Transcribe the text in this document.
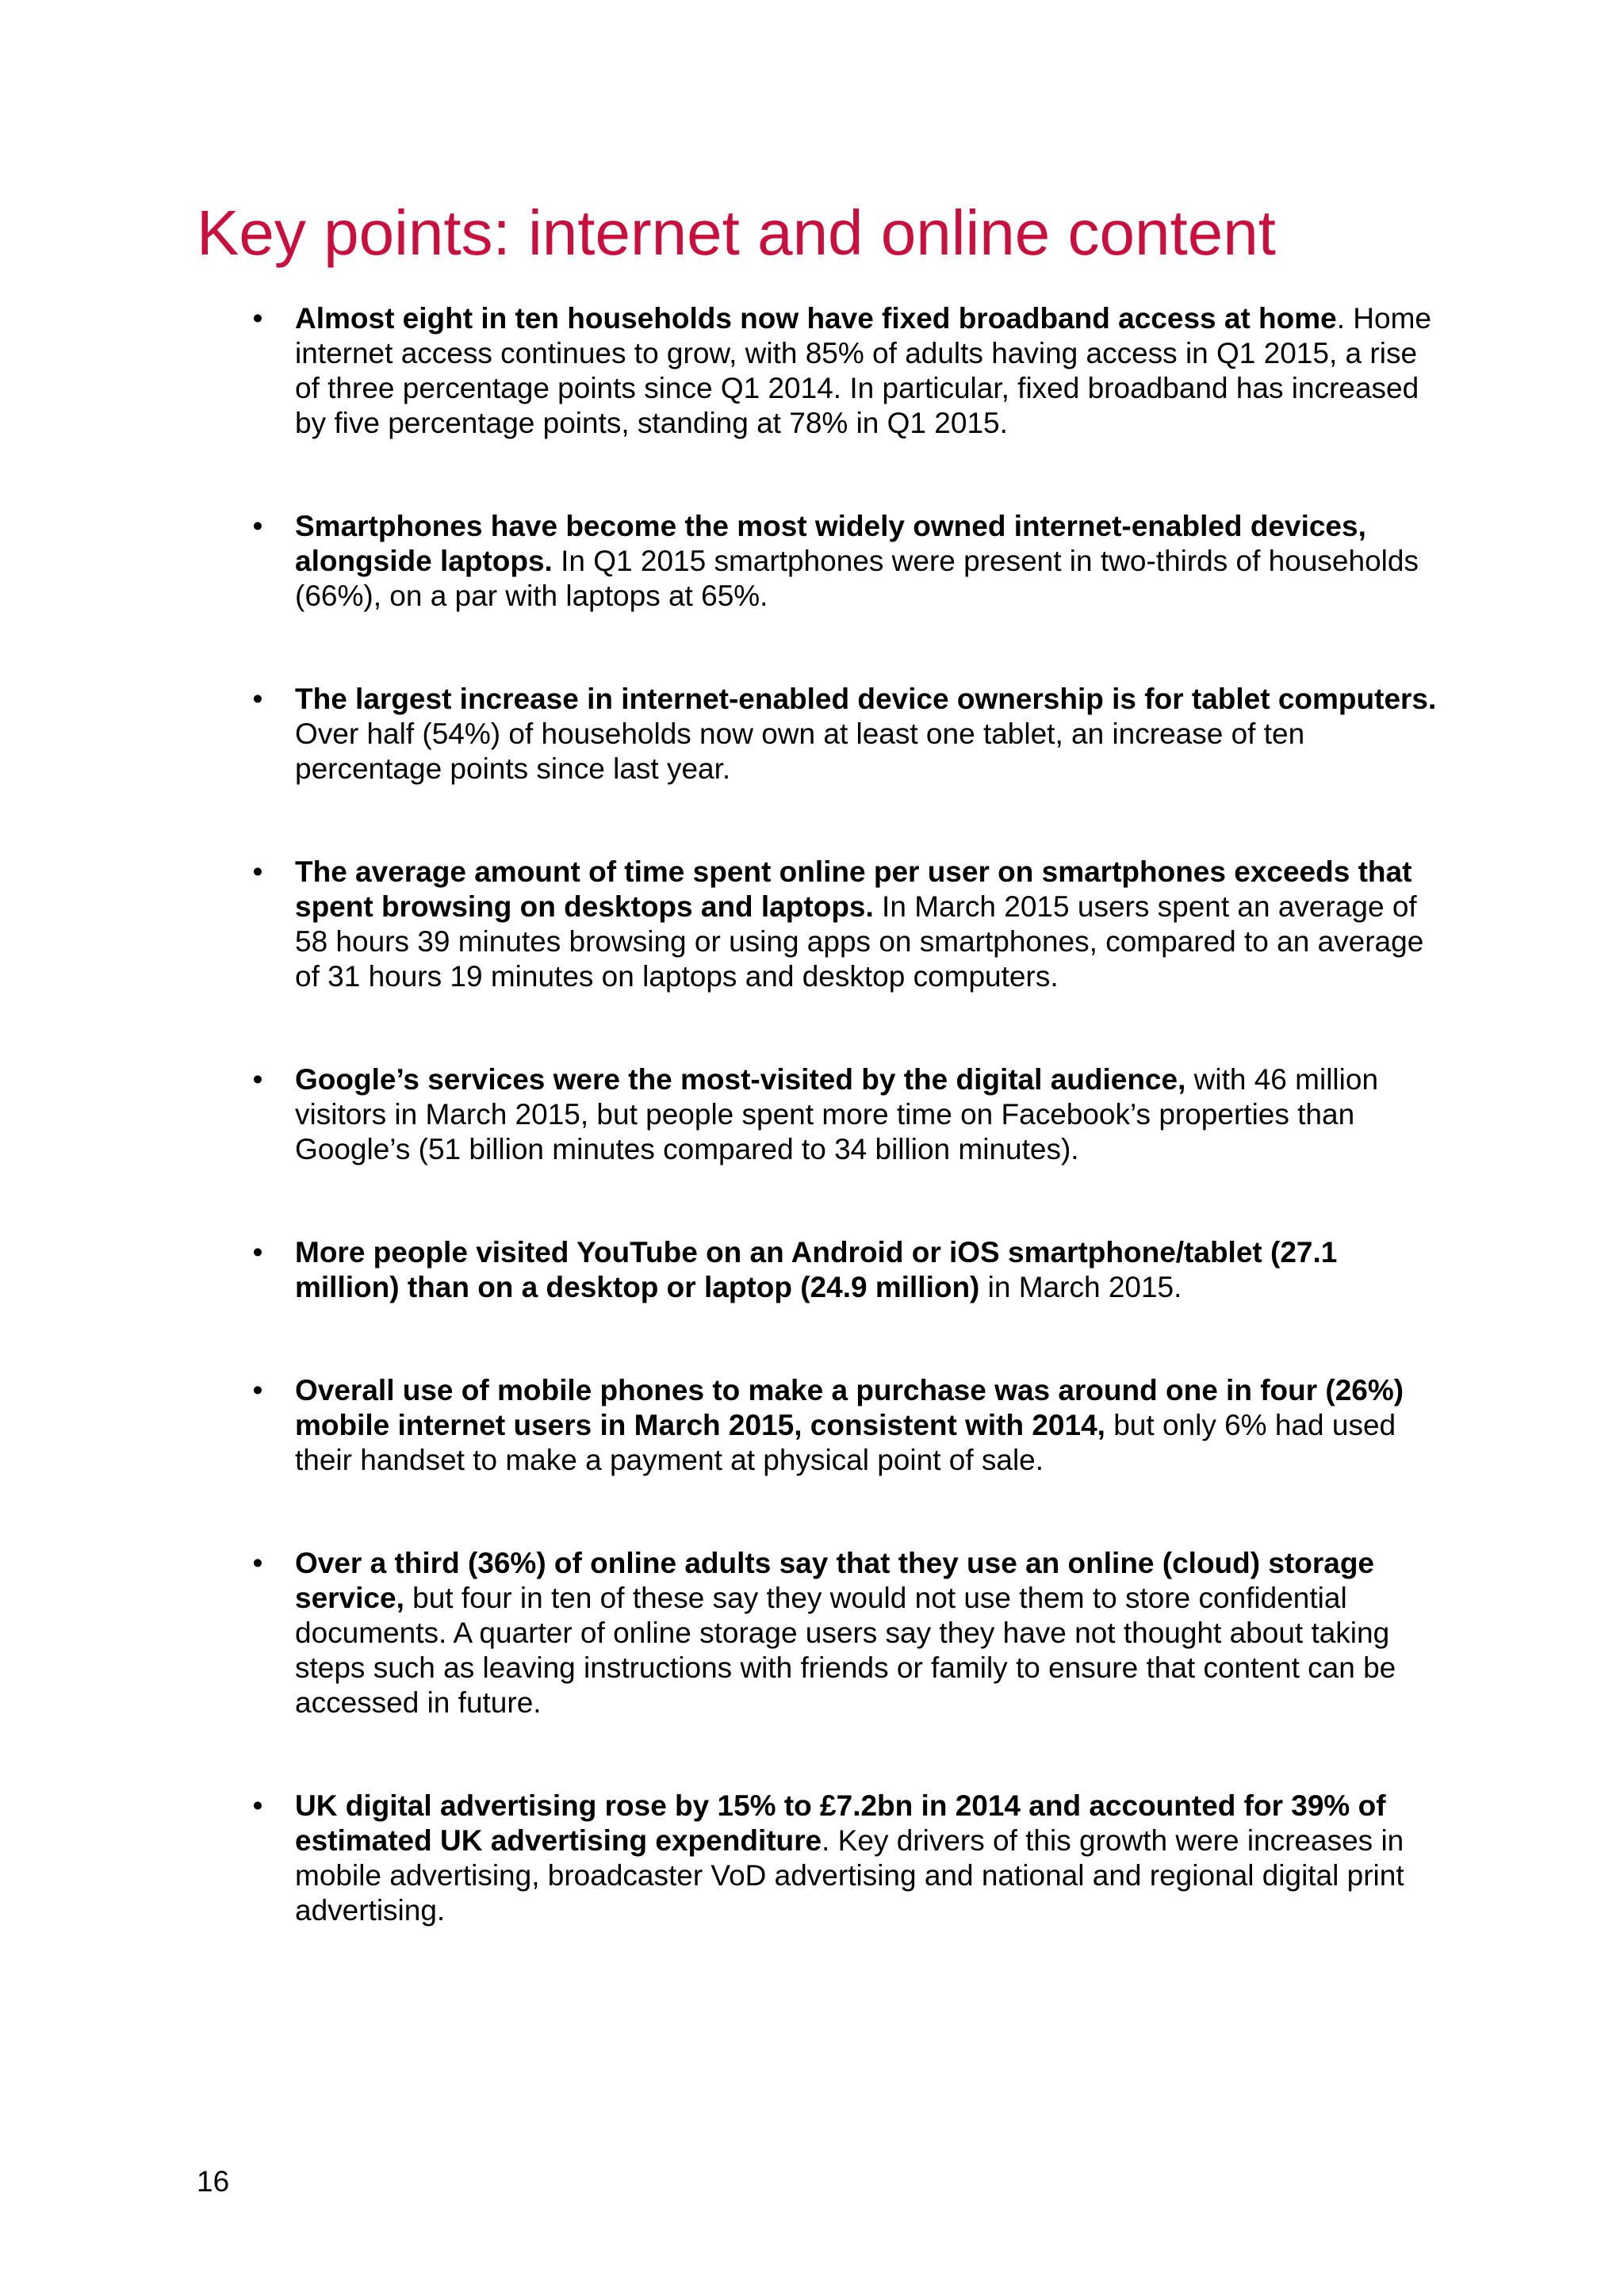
Key points: internet and online content
• Almost eight in ten households now have fixed broadband access at home. Home internet access continues to grow, with 85% of adults having access in Q1 2015, a rise of three percentage points since Q1 2014. In particular, fixed broadband has increased by five percentage points, standing at 78% in Q1 2015.
• Smartphones have become the most widely owned internet-enabled devices, alongside laptops. In Q1 2015 smartphones were present in two-thirds of households (66%), on a par with laptops at 65%.
• The largest increase in internet-enabled device ownership is for tablet computers. Over half (54%) of households now own at least one tablet, an increase of ten percentage points since last year.
• The average amount of time spent online per user on smartphones exceeds that spent browsing on desktops and laptops. In March 2015 users spent an average of 58 hours 39 minutes browsing or using apps on smartphones, compared to an average of 31 hours 19 minutes on laptops and desktop computers.
• Google’s services were the most-visited by the digital audience, with 46 million visitors in March 2015, but people spent more time on Facebook’s properties than Google’s (51 billion minutes compared to 34 billion minutes).
• More people visited YouTube on an Android or iOS smartphone/tablet (27.1 million) than on a desktop or laptop (24.9 million) in March 2015.
• Overall use of mobile phones to make a purchase was around one in four (26%) mobile internet users in March 2015, consistent with 2014, but only 6% had used their handset to make a payment at physical point of sale.
• Over a third (36%) of online adults say that they use an online (cloud) storage service, but four in ten of these say they would not use them to store confidential documents. A quarter of online storage users say they have not thought about taking steps such as leaving instructions with friends or family to ensure that content can be accessed in future.
• UK digital advertising rose by 15% to £7.2bn in 2014 and accounted for 39% of estimated UK advertising expenditure. Key drivers of this growth were increases in mobile advertising, broadcaster VoD advertising and national and regional digital print advertising.

16
